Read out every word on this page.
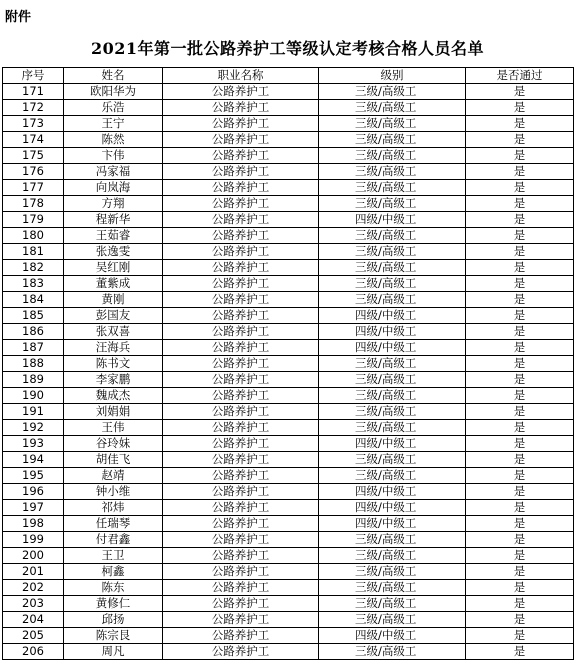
附件
2021年第一批公路养护工等级认定考核合格人员名单
序号	姓名	职业名称	级别	是否通过
171	欧阳华为	公路养护工	三级/高级工	是
172	乐浩	公路养护工	三级/高级工	是
173	王宁	公路养护工	三级/高级工	是
174	陈然	公路养护工	三级/高级工	是
175	卞伟	公路养护工	三级/高级工	是
176	冯家福	公路养护工	三级/高级工	是
177	向岚海	公路养护工	三级/高级工	是
178	方翔	公路养护工	三级/高级工	是
179	程新华	公路养护工	四级/中级工	是
180	王茹睿	公路养护工	三级/高级工	是
181	张逸雯	公路养护工	三级/高级工	是
182	吴红刚	公路养护工	三级/高级工	是
183	董紫成	公路养护工	三级/高级工	是
184	黄刚	公路养护工	三级/高级工	是
185	彭国友	公路养护工	四级/中级工	是
186	张双喜	公路养护工	四级/中级工	是
187	汪海兵	公路养护工	四级/中级工	是
188	陈书文	公路养护工	三级/高级工	是
189	李家鹏	公路养护工	三级/高级工	是
190	魏成杰	公路养护工	三级/高级工	是
191	刘娟娟	公路养护工	三级/高级工	是
192	王伟	公路养护工	三级/高级工	是
193	谷玲妹	公路养护工	四级/中级工	是
194	胡佳飞	公路养护工	三级/高级工	是
195	赵靖	公路养护工	三级/高级工	是
196	钟小维	公路养护工	四级/中级工	是
197	祁炜	公路养护工	四级/中级工	是
198	任瑞琴	公路养护工	四级/中级工	是
199	付君鑫	公路养护工	三级/高级工	是
200	王卫	公路养护工	三级/高级工	是
201	柯鑫	公路养护工	三级/高级工	是
202	陈东	公路养护工	三级/高级工	是
203	黄修仁	公路养护工	三级/高级工	是
204	邱扬	公路养护工	三级/高级工	是
205	陈宗艮	公路养护工	四级/中级工	是
206	周凡	公路养护工	三级/高级工	是
